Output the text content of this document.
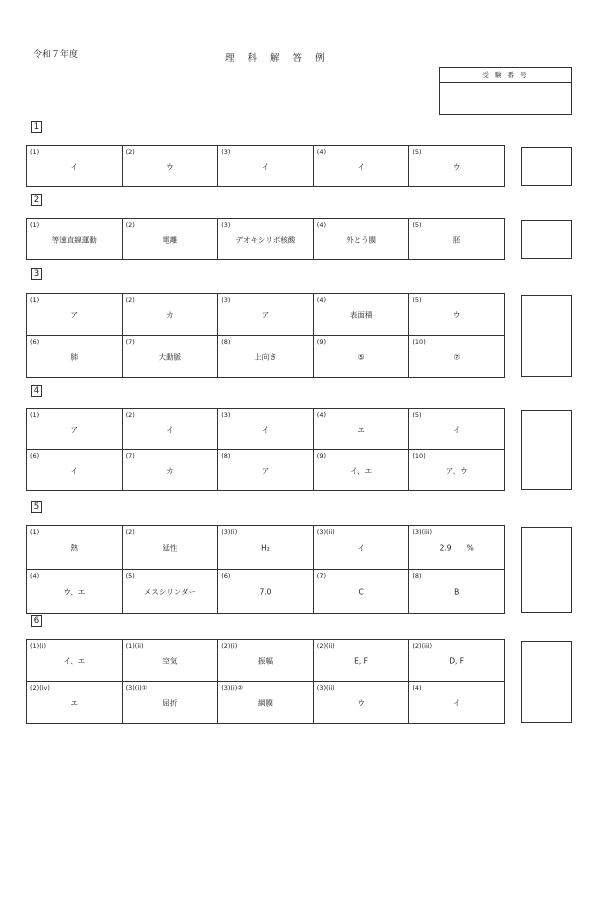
令和７年度	理 科 解 答 例
受 験 番 号
1
(1)
イ
(2)
ウ
(3)
イ
(4)
イ
(5)
ウ
2
(1)
等速直線運動
(2)
電離
(3)
デオキシリボ核酸
(4)
外とう膜
(5)
胚
3
(1)
ア
(2)
カ
(3)
ア
(4)
表面積
(5)
ウ
(6)
肺
(7)
大動脈
(8)
上向き
(9)
⑤
(10)
⑦
4
(1)
ア
(2)
イ
(3)
イ
(4)
エ
(5)
イ
(6)
イ
(7)
カ
(8)
ア
(9)
イ、エ
(10)
ア、ウ
5
(1)
熱
(2)
延性
(3)(i)
H₂
(3)(ii)
イ
(3)(iii)
2.9　　%
(4)
ウ、エ
(5)
メスシリンダー
(6)
7.0
(7)
C
(8)
B
6
(1)(i)
イ、エ
(1)(ii)
空気
(2)(i)
振幅
(2)(ii)
E, F
(2)(iii)
D, F
(2)(iv)
エ
(3)(i)①
屈折
(3)(i)②
網膜
(3)(ii)
ウ
(4)
イ
